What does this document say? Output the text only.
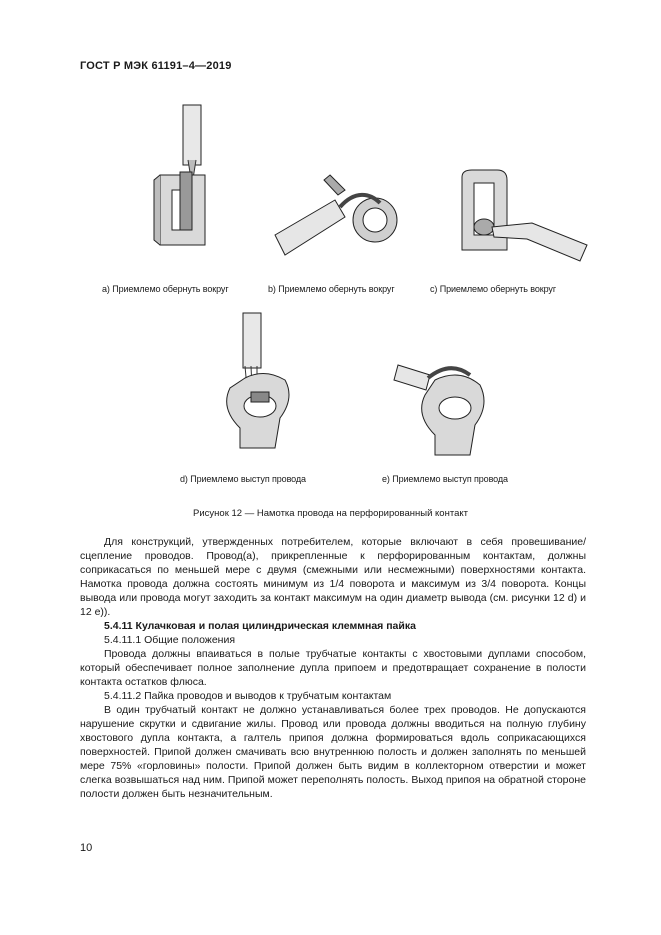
ГОСТ Р МЭК 61191–4—2019
а) Приемлемо обернуть вокруг	b) Приемлемо обернуть вокруг	с) Приемлемо обернуть вокруг
d) Приемлемо выступ провода	е) Приемлемо выступ провода
Рисунок 12 — Намотка провода на перфорированный контакт

Для конструкций, утвержденных потребителем, которые включают в себя провешивание/сцепление проводов. Провод(а), прикрепленные к перфорированным контактам, должны соприкасаться по меньшей мере с двумя (смежными или несмежными) поверхностями контакта. Намотка провода должна состоять минимум из 1/4 поворота и максимум из 3/4 поворота. Концы вывода или провода могут заходить за контакт максимум на один диаметр вывода (см. рисунки 12 d) и 12 е)).

5.4.11 Кулачковая и полая цилиндрическая клеммная пайка

5.4.11.1 Общие положения

Провода должны впаиваться в полые трубчатые контакты с хвостовыми дуплами способом, который обеспечивает полное заполнение дупла припоем и предотвращает сохранение в полости контакта остатков флюса.

5.4.11.2 Пайка проводов и выводов к трубчатым контактам

В один трубчатый контакт не должно устанавливаться более трех проводов. Не допускаются нарушение скрутки и сдвигание жилы. Провод или провода должны вводиться на полную глубину хвостового дупла контакта, а галтель припоя должна формироваться вдоль соприкасающихся поверхностей. Припой должен смачивать всю внутреннюю полость и должен заполнять по меньшей мере 75% «горловины» полости. Припой должен быть видим в коллекторном отверстии и может слегка возвышаться над ним. Припой может переполнять полость. Выход припоя на обратной стороне полости должен быть незначительным.

10
